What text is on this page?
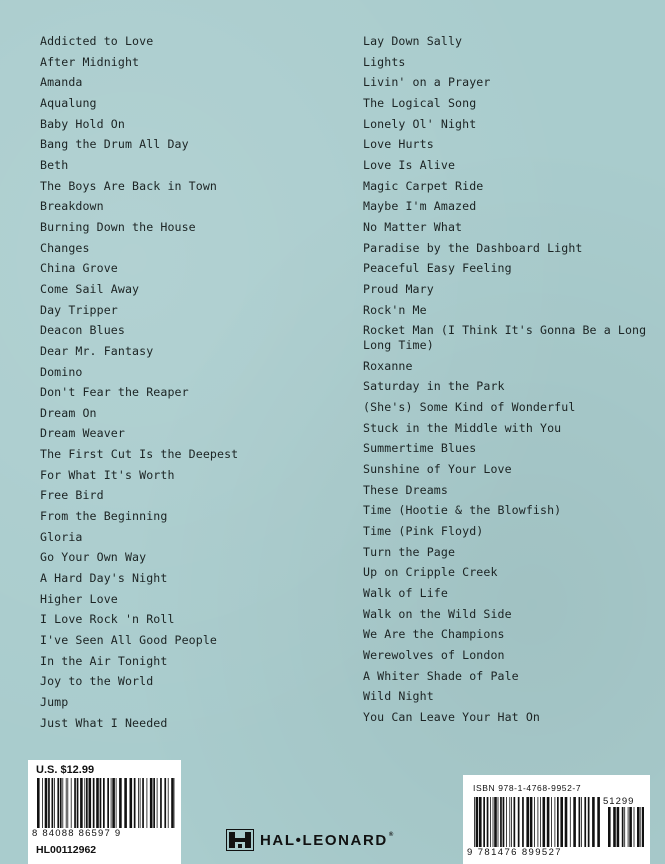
Addicted to Love
After Midnight
Amanda
Aqualung
Baby Hold On
Bang the Drum All Day
Beth
The Boys Are Back in Town
Breakdown
Burning Down the House
Changes
China Grove
Come Sail Away
Day Tripper
Deacon Blues
Dear Mr. Fantasy
Domino
Don't Fear the Reaper
Dream On
Dream Weaver
The First Cut Is the Deepest
For What It's Worth
Free Bird
From the Beginning
Gloria
Go Your Own Way
A Hard Day's Night
Higher Love
I Love Rock 'n Roll
I've Seen All Good People
In the Air Tonight
Joy to the World
Jump
Just What I Needed
Lay Down Sally
Lights
Livin' on a Prayer
The Logical Song
Lonely Ol' Night
Love Hurts
Love Is Alive
Magic Carpet Ride
Maybe I'm Amazed
No Matter What
Paradise by the Dashboard Light
Peaceful Easy Feeling
Proud Mary
Rock'n Me
Rocket Man (I Think It's Gonna Be a Long Long Time)
Roxanne
Saturday in the Park
(She's) Some Kind of Wonderful
Stuck in the Middle with You
Summertime Blues
Sunshine of Your Love
These Dreams
Time (Hootie & the Blowfish)
Time (Pink Floyd)
Turn the Page
Up on Cripple Creek
Walk of Life
Walk on the Wild Side
We Are the Champions
Werewolves of London
A Whiter Shade of Pale
Wild Night
You Can Leave Your Hat On
U.S. $12.99
8 84088 86597 9
HL00112962
ISBN 978-1-4768-9952-7
51299
9 781476 899527
HAL•LEONARD®
